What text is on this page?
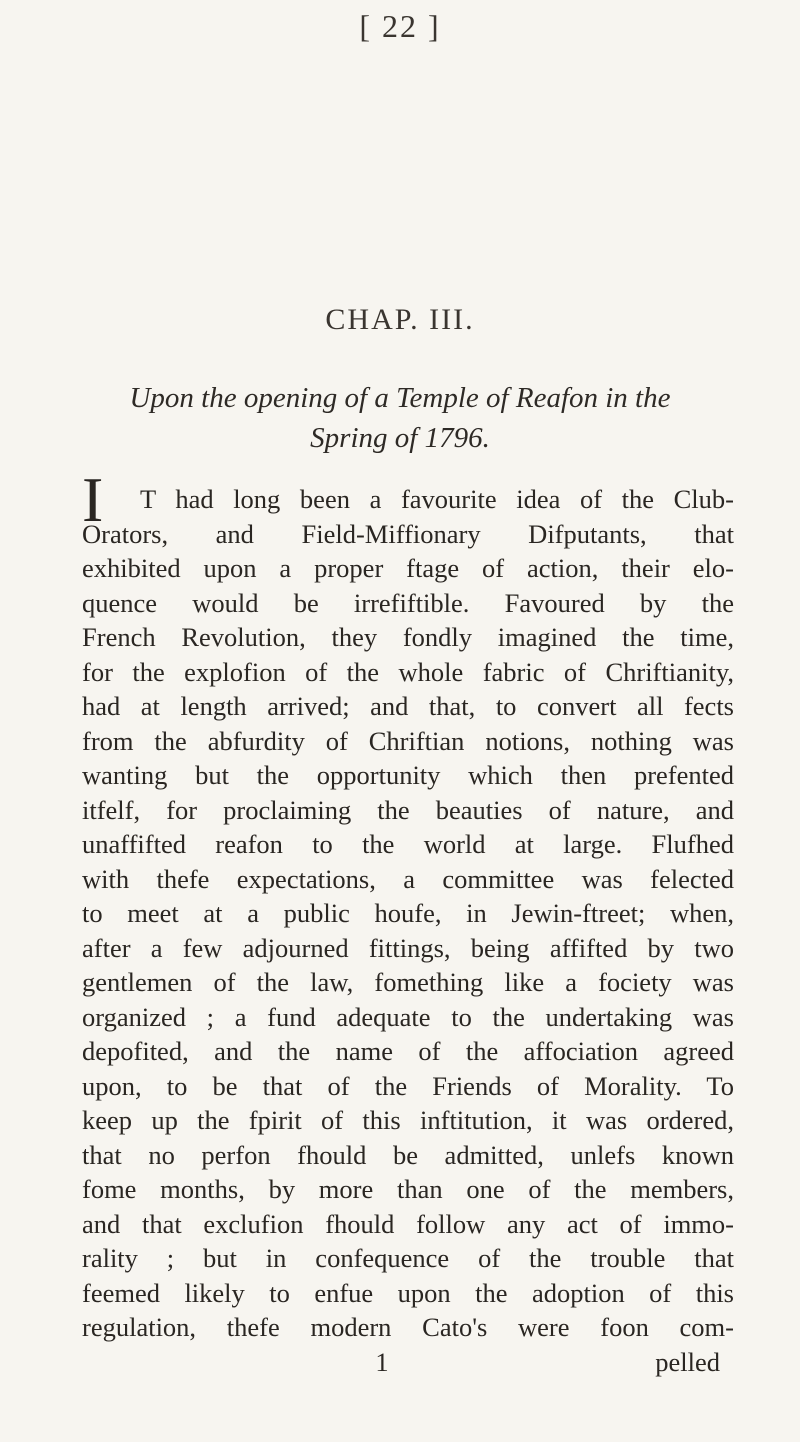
[ 22 ]
CHAP. III.
Upon the opening of a Temple of Reafon in the
Spring of 1796.
I	T had long been a favourite idea of the Club-
Orators, and Field-Miffionary Difputants, that
exhibited upon a proper ftage of action, their elo-
quence would be irrefiftible. Favoured by the
French Revolution, they fondly imagined the time,
for the explofion of the whole fabric of Chriftianity,
had at length arrived; and that, to convert all fects
from the abfurdity of Chriftian notions, nothing was
wanting but the opportunity which then prefented
itfelf, for proclaiming the beauties of nature, and
unaffifted reafon to the world at large. Flufhed
with thefe expectations, a committee was felected
to meet at a public houfe, in Jewin-ftreet; when,
after a few adjourned fittings, being affifted by two
gentlemen of the law, fomething like a fociety was
organized ; a fund adequate to the undertaking was
depofited, and the name of the affociation agreed
upon, to be that of the Friends of Morality. To
keep up the fpirit of this inftitution, it was ordered,
that no perfon fhould be admitted, unlefs known
fome months, by more than one of the members,
and that exclufion fhould follow any act of immo-
rality ; but in confequence of the trouble that
feemed likely to enfue upon the adoption of this
regulation, thefe modern Cato's were foon com-
1	pelled
